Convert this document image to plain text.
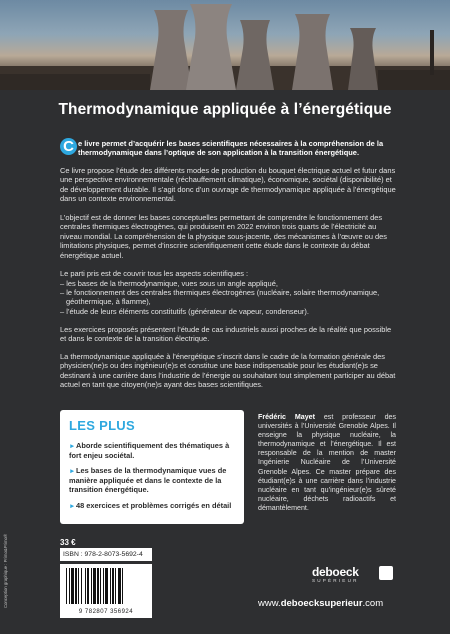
Thermodynamique appliquée à l’énergétique
C e livre permet d’acquérir les bases scientifiques nécessaires à la compréhension de la thermodynamique dans l’optique de son application à la transition énergétique.
Ce livre propose l’étude des différents modes de production du bouquet électrique actuel et futur dans une perspective environnementale (réchauffement climatique), économique, sociétal (disponibilité) et de développement durable. Il s’agit donc d’un ouvrage de thermodynamique appliquée à l’énergétique dans un contexte environnemental.
L’objectif est de donner les bases conceptuelles permettant de comprendre le fonctionnement des centrales thermiques électrogènes, qui produisent en 2022 environ trois quarts de l’électricité au niveau mondial. La compréhension de la physique sous-jacente, des mécanismes à l’œuvre ou des limitations physiques, permet d’inscrire scientifiquement cette étude dans le contexte du débat énergétique actuel.
Le parti pris est de couvrir tous les aspects scientifiques :
– les bases de la thermodynamique, vues sous un angle appliqué,
– le fonctionnement des centrales thermiques électrogènes (nucléaire, solaire thermodynamique, géothermique, à flamme),
– l’étude de leurs éléments constitutifs (générateur de vapeur, condenseur).
Les exercices proposés présentent l’étude de cas industriels aussi proches de la réalité que possible et dans le contexte de la transition électrique.
La thermodynamique appliquée à l’énergétique s’inscrit dans le cadre de la formation générale des physicien(ne)s ou des ingénieur(e)s et constitue une base indispensable pour les étudiant(e)s se destinant à une carrière dans l’industrie de l’énergie ou souhaitant tout simplement participer au débat actuel en tant que citoyen(ne)s ayant des bases scientifiques.
LES PLUS
►Aborde scientifiquement des thématiques à fort enjeu sociétal.
►Les bases de la thermodynamique vues de manière appliquée et dans le contexte de la transition énergétique.
►48 exercices et problèmes corrigés en détail
Frédéric Mayet est professeur des universités à l’Université Grenoble Alpes. Il enseigne la physique nucléaire, la thermodynamique et l’énergétique. Il est responsable de la mention de master Ingénierie Nucléaire de l’Université Grenoble Alpes. Ce master prépare des étudiant(e)s à une carrière dans l’industrie nucléaire en tant qu’ingénieur(e)s sûreté nucléaire, déchets radioactifs et démantèlement.
Conception graphique : Primo&Primo®	33 €
ISBN : 978-2-8073-5692-4
9 782807 356924
deboeck
SUPÉRIEUR
www.deboecksuperieur.com
